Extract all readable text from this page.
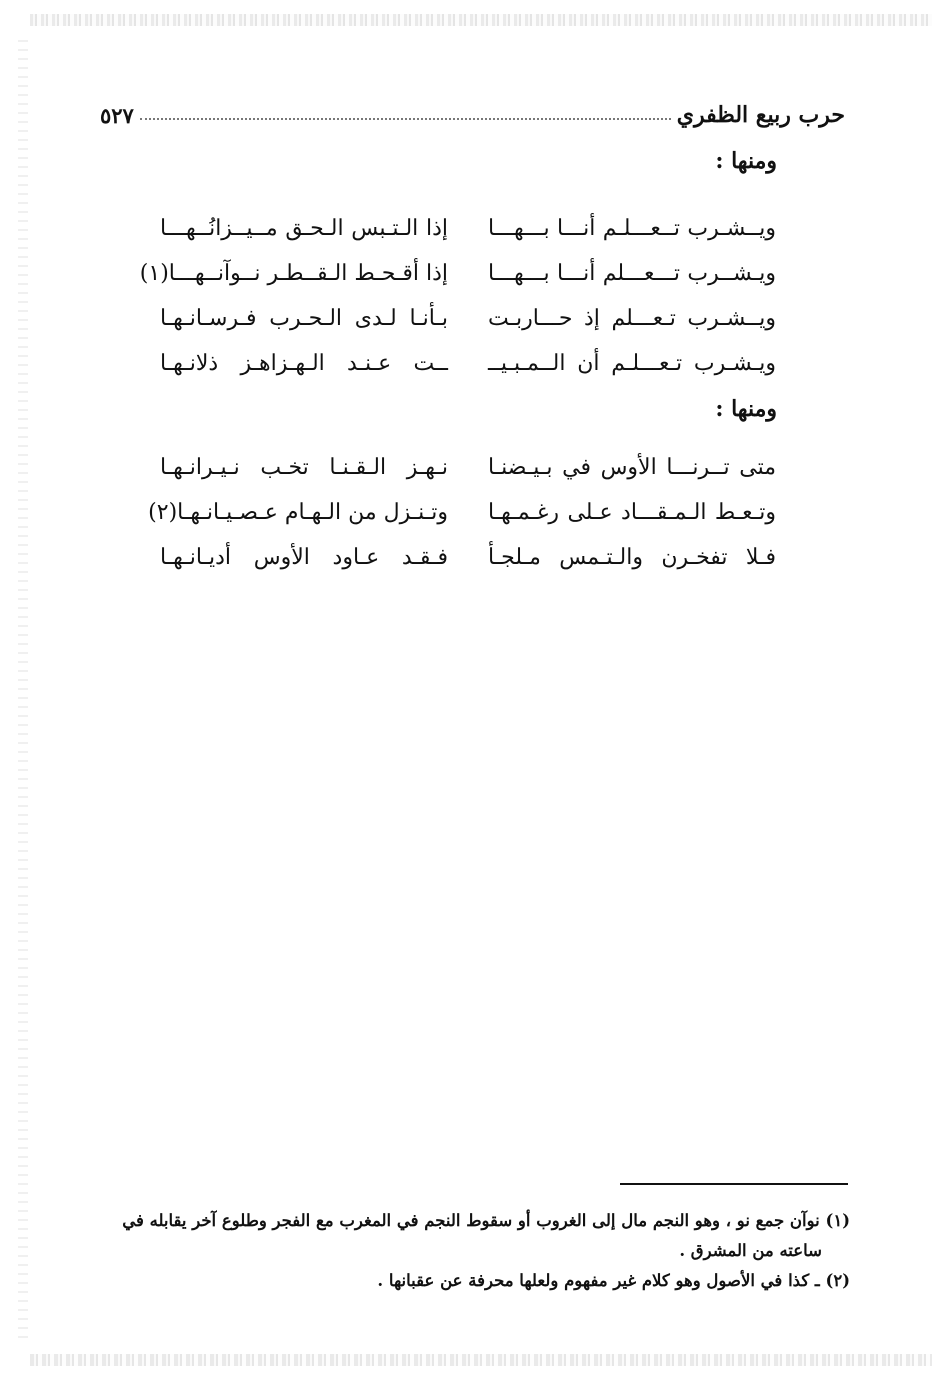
حرب ربيع الظفري
٥٢٧
ومنها :
ويــشـرب تــعـــلـم أنـــا بـــهـــا
إذا الـتـبس الـحـق مــيــزانُــهـــا
ويـشــرب تـــعـــلم أنـــا بـــهـــا
إذا أقـحـط الـقــطـر نــوآنــهـــا(١)
ويــشـرب تـعـــلم إذ حـــاربـت
بـأنـا لـدى الـحـرب فـرسـانـهـا
ويـشـرب تـعـــلـم أن الــمـبـيــ
ــت عـنـد الـهـزاهـز ذلانـهـا
ومنها :
متى تــرنـــا الأوس في بـيـضنـا
نـهـز الـقـنـا تخـب نـيـرانـهـا
وتـعـط الـمـقـــاد عـلى رغـمـهـا
وتـنـزل من الـهـام عـصـيـانـهـا(٢)
فـلا تفخـرن والـتـمس مـلجـأ
فـقـد عـاود الأوس أديـانـهـا
(١) نوآن جمع نو ، وهو النجم مال إلى الغروب أو سقوط النجم في المغرب مع الفجر وطلوع آخر يقابله في
ساعته من المشرق .
(٢) ـ كذا في الأصول وهو كلام غير مفهوم ولعلها محرفة عن عقبانها .
